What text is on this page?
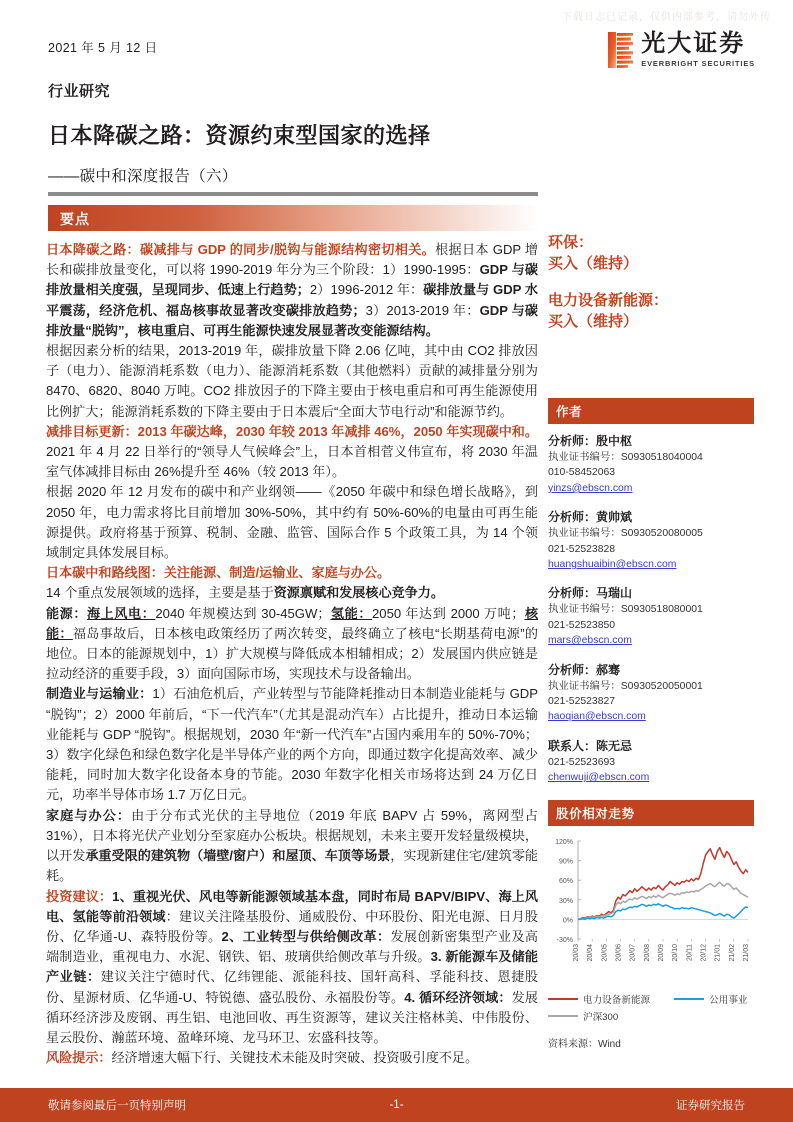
下载日志已记录，仅供内部参考，请勿外传
光大证券
EVERBRIGHT SECURITIES
2021 年 5 月 12 日
行业研究
日本降碳之路：资源约束型国家的选择
——碳中和深度报告（六）
要点

日本降碳之路：碳减排与 GDP 的同步/脱钩与能源结构密切相关。根据日本 GDP 增长和碳排放量变化，可以将 1990-2019 年分为三个阶段：1）1990-1995：GDP 与碳排放量相关度强，呈现同步、低速上行趋势；2）1996-2012 年：碳排放量与 GDP 水平震荡，经济危机、福岛核事故显著改变碳排放趋势；3）2013-2019 年：GDP 与碳排放量“脱钩”，核电重启、可再生能源快速发展显著改变能源结构。

根据因素分析的结果，2013-2019 年，碳排放量下降 2.06 亿吨，其中由 CO2 排放因子（电力）、能源消耗系数（电力）、能源消耗系数（其他燃料）贡献的减排量分别为 8470、6820、8040 万吨。CO2 排放因子的下降主要由于核电重启和可再生能源使用比例扩大；能源消耗系数的下降主要由于日本震后“全面大节电行动”和能源节约。

减排目标更新：2013 年碳达峰，2030 年较 2013 年减排 46%，2050 年实现碳中和。2021 年 4 月 22 日举行的“领导人气候峰会”上，日本首相菅义伟宣布，将 2030 年温室气体减排目标由 26%提升至 46%（较 2013 年）。

根据 2020 年 12 月发布的碳中和产业纲领——《2050 年碳中和绿色增长战略》，到 2050 年，电力需求将比目前增加 30%-50%，其中约有 50%-60%的电量由可再生能源提供。政府将基于预算、税制、金融、监管、国际合作 5 个政策工具，为 14 个领域制定具体发展目标。

日本碳中和路线图：关注能源、制造/运输业、家庭与办公。

14 个重点发展领域的选择，主要是基于资源禀赋和发展核心竞争力。

能源：海上风电：2040 年规模达到 30-45GW；氢能：2050 年达到 2000 万吨；核能：福岛事故后，日本核电政策经历了两次转变，最终确立了核电“长期基荷电源”的地位。日本的能源规划中，1）扩大规模与降低成本相辅相成；2）发展国内供应链是拉动经济的重要手段，3）面向国际市场，实现技术与设备输出。

制造业与运输业：1）石油危机后，产业转型与节能降耗推动日本制造业能耗与 GDP “脱钩”；2）2000 年前后，“下一代汽车”（尤其是混动汽车）占比提升，推动日本运输业能耗与 GDP “脱钩”。根据规划，2030 年“新一代汽车”占国内乘用车的 50%-70%；3）数字化绿色和绿色数字化是半导体产业的两个方向，即通过数字化提高效率、减少能耗，同时加大数字化设备本身的节能。2030 年数字化相关市场将达到 24 万亿日元，功率半导体市场 1.7 万亿日元。

家庭与办公：由于分布式光伏的主导地位（2019 年底 BAPV 占 59%，离网型占 31%），日本将光伏产业划分至家庭办公板块。根据规划，未来主要开发轻量级模块，以开发承重受限的建筑物（墙壁/窗户）和屋顶、车顶等场景，实现新建住宅/建筑零能耗。

投资建议：1、重视光伏、风电等新能源领域基本盘，同时布局 BAPV/BIPV、海上风电、氢能等前沿领域：建议关注隆基股份、通威股份、中环股份、阳光电源、日月股份、亿华通-U、森特股份等。2、工业转型与供给侧改革：发展创新密集型产业及高端制造业，重视电力、水泥、钢铁、铝、玻璃供给侧改革与升级。3. 新能源车及储能产业链：建议关注宁德时代、亿纬锂能、派能科技、国轩高科、孚能科技、恩捷股份、星源材质、亿华通-U、特锐德、盛弘股份、永福股份等。4. 循环经济领域：发展循环经济涉及废钢、再生铝、电池回收、再生资源等，建议关注格林美、中伟股份、星云股份、瀚蓝环境、盈峰环境、龙马环卫、宏盛科技等。

风险提示：经济增速大幅下行、关键技术未能及时突破、投资吸引度不足。

环保：
买入（维持）
电力设备新能源：
买入（维持）
作者
分析师：殷中枢
执业证书编号：S0930518040004
010-58452063
yinzs@ebscn.com
分析师：黄帅斌
执业证书编号：S0930520080005
021-52523828
huangshuaibin@ebscn.com
分析师：马瑞山
执业证书编号：S0930518080001
021-52523850
mars@ebscn.com
分析师：郝骞
执业证书编号：S0930520050001
021-52523827
haoqian@ebscn.com
联系人：陈无忌
021-52523693
chenwuji@ebscn.com
股价相对走势
-30%
0%
30%
60%
90%
120%
20/03 20/04 20/05 20/06 20/07 20/08 20/09 20/10 20/11 20/12 21/01 21/02 21/03
电力设备新能源	公用事业
沪深300
资料来源：Wind
敬请参阅最后一页特别声明	-1-	证券研究报告
